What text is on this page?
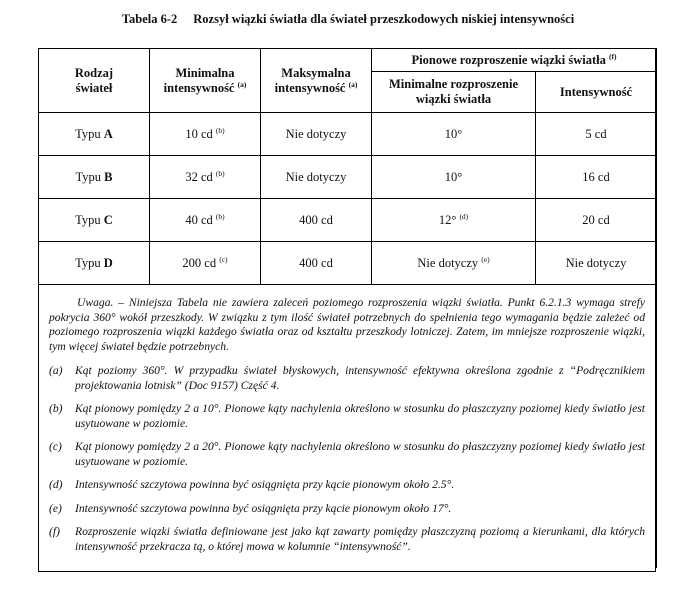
Tabela 6-2 Rozsył wiązki światła dla świateł przeszkodowych niskiej intensywności
Rodzaj
świateł	Minimalna intensywność $^{(a)}$	Maksymalna intensywność $^{(a)}$	Pionowe rozproszenie wiązki światła $^{(f)}$
			Minimalne rozproszenie wiązki światła	Intensywność
Typu A	10 cd $^{(b)}$	Nie dotyczy	10°	5 cd
Typu B	32 cd $^{(b)}$	Nie dotyczy	10°	16 cd
Typu C	40 cd $^{(b)}$	400 cd	12° $^{(d)}$	20 cd
Typu D	200 cd $^{(c)}$	400 cd	Nie dotyczy $^{(e)}$	Nie dotyczy

Uwaga. – Niniejsza Tabela nie zawiera zaleceń poziomego rozproszenia wiązki światła. Punkt 6.2.1.3 wymaga strefy pokrycia 360° wokół przeszkody. W związku z tym ilość świateł potrzebnych do spełnienia tego wymagania będzie zależeć od poziomego rozproszenia wiązki każdego światła oraz od kształtu przeszkody lotniczej. Zatem, im mniejsze rozproszenie wiązki, tym więcej świateł będzie potrzebnych.

(a)	Kąt poziomy 360°. W przypadku świateł błyskowych, intensywność efektywna określona zgodnie z “Podręcznikiem projektowania lotnisk” (Doc 9157) Część 4.
(b)	Kąt pionowy pomiędzy 2 a 10°. Pionowe kąty nachylenia określono w stosunku do płaszczyzny poziomej kiedy światło jest usytuowane w poziomie.
(c)	Kąt pionowy pomiędzy 2 a 20°. Pionowe kąty nachylenia określono w stosunku do płaszczyzny poziomej kiedy światło jest usytuowane w poziomie.
(d)	Intensywność szczytowa powinna być osiągnięta przy kącie pionowym około 2.5°.
(e)	Intensywność szczytowa powinna być osiągnięta przy kącie pionowym około 17°.
(f)	Rozproszenie wiązki światła definiowane jest jako kąt zawarty pomiędzy płaszczyzną poziomą a kierunkami, dla których intensywność przekracza tą, o której mowa w kolumnie “intensywność”.
